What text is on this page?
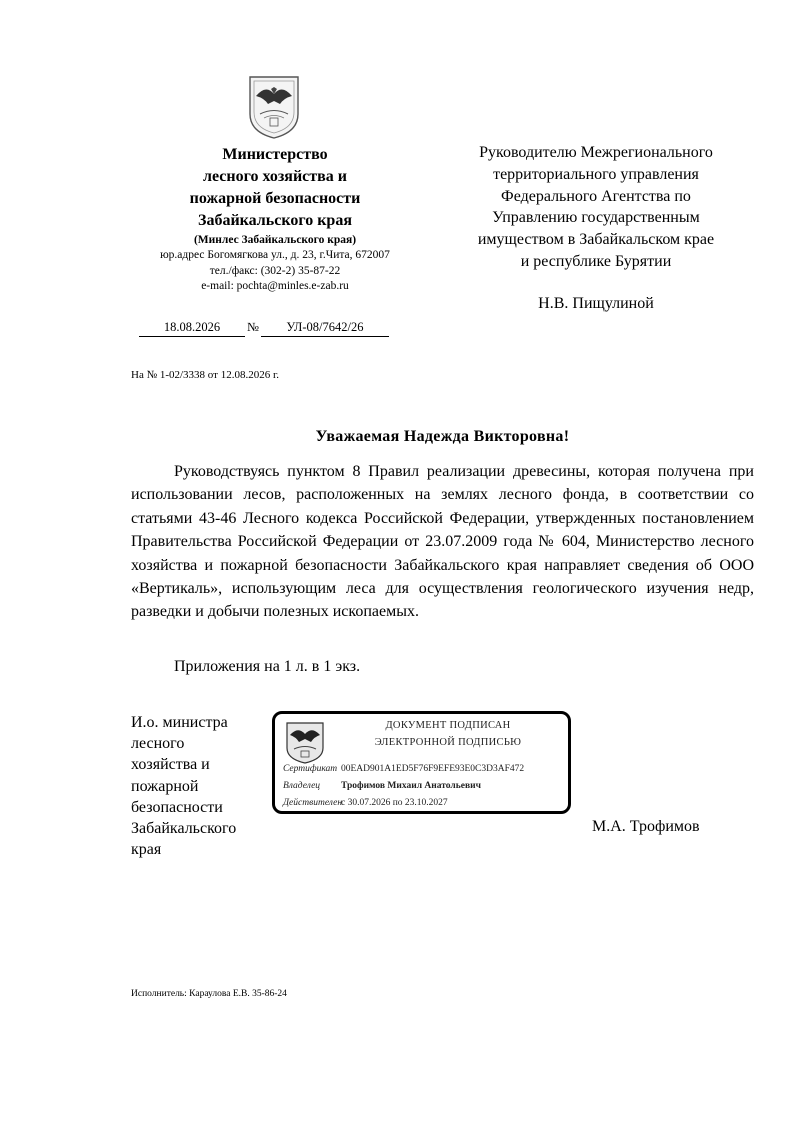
Министерство
лесного хозяйства и
пожарной безопасности
Забайкальского края
(Минлес Забайкальского края)
юр.адрес Богомягкова ул., д. 23, г.Чита, 672007
тел./факс: (302-2) 35-87-22
e-mail: pochta@minles.e-zab.ru
18.08.2026 № УЛ-08/7642/26
На № 1-02/3338 от 12.08.2026 г.
Руководителю Межрегионального
территориального управления
Федерального Агентства по
Управлению государственным
имуществом в Забайкальском крае
и республике Бурятии
Н.В. Пищулиной
Уважаемая Надежда Викторовна!
Руководствуясь пунктом 8 Правил реализации древесины, которая получена при использовании лесов, расположенных на землях лесного фонда, в соответствии со статьями 43-46 Лесного кодекса Российской Федерации, утвержденных постановлением Правительства Российской Федерации от 23.07.2009 года № 604, Министерство лесного хозяйства и пожарной безопасности Забайкальского края направляет сведения об ООО «Вертикаль», использующим леса для осуществления геологического изучения недр, разведки и добычи полезных ископаемых.
Приложения на 1 л. в 1 экз.
И.о. министра
лесного
хозяйства и
пожарной
безопасности
Забайкальского
края
ДОКУМЕНТ ПОДПИСАН
ЭЛЕКТРОННОЙ ПОДПИСЬЮ
Сертификат 00EAD901A1ED5F76F9EFE93E0C3D3AF472
Владелец Трофимов Михаил Анатольевич
Действителенс 30.07.2026 по 23.10.2027
М.А. Трофимов
Исполнитель: Караулова Е.В. 35-86-24
